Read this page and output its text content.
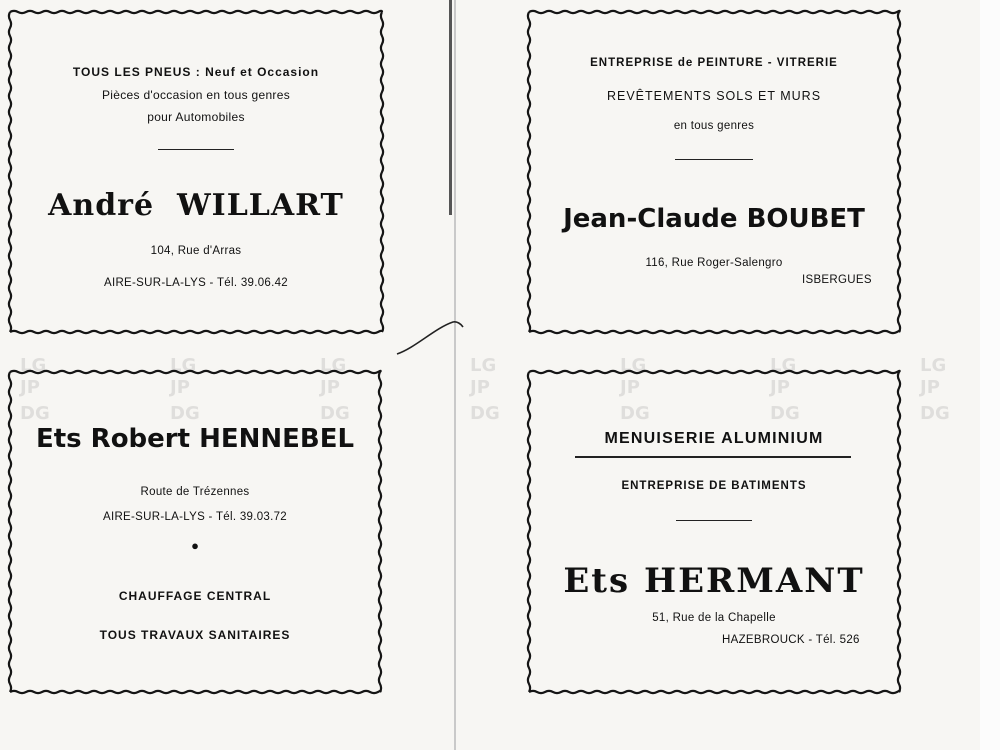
LG
JP
DG
LG
JP
DG
LG
JP
DG
LG
JP
DG
LG
JP
DG
LG
JP
DG
LG
JP
DG
TOUS LES PNEUS : Neuf et Occasion
Pièces d'occasion en tous genres
pour Automobiles
André WILLART
104, Rue d'Arras
AIRE-SUR-LA-LYS - Tél. 39.06.42
ENTREPRISE de PEINTURE - VITRERIE
REVÊTEMENTS SOLS ET MURS
en tous genres
Jean-Claude BOUBET
116, Rue Roger-Salengro
ISBERGUES
Ets Robert HENNEBEL
Route de Trézennes
AIRE-SUR-LA-LYS - Tél. 39.03.72
●
CHAUFFAGE CENTRAL
TOUS TRAVAUX SANITAIRES
MENUISERIE ALUMINIUM
ENTREPRISE DE BATIMENTS
Ets HERMANT
51, Rue de la Chapelle
HAZEBROUCK - Tél. 526
